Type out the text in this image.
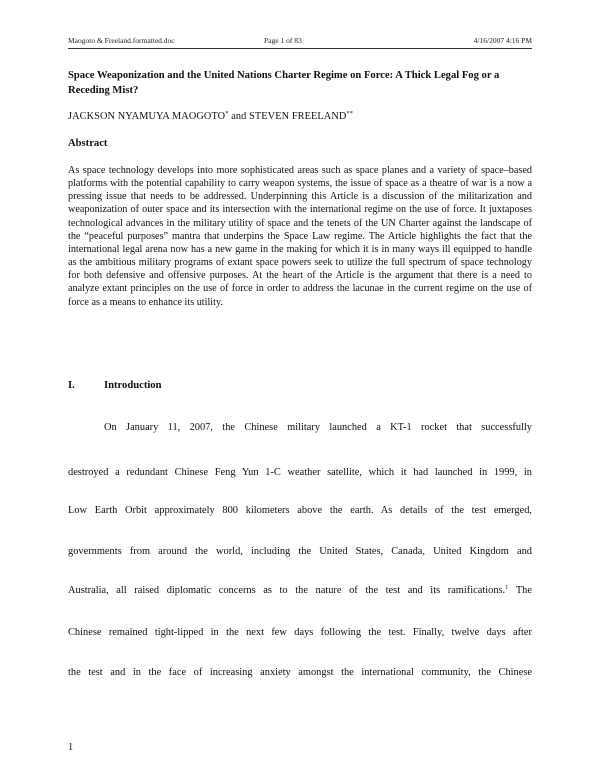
Maogoto & Freeland.formatted.doc	Page 1 of 83	4/16/2007 4:16 PM
Space Weaponization and the United Nations Charter Regime on Force: A Thick Legal Fog or a Receding Mist?
JACKSON NYAMUYA MAOGOTO* and STEVEN FREELAND**
Abstract

As space technology develops into more sophisticated areas such as space planes and a variety of space–based platforms with the potential capability to carry weapon systems, the issue of space as a theatre of war is a now a pressing issue that needs to be addressed. Underpinning this Article is a discussion of the militarization and weaponization of outer space and its intersection with the international regime on the use of force. It juxtaposes technological advances in the military utility of space and the tenets of the UN Charter against the landscape of the “peaceful purposes” mantra that underpins the Space Law regime. The Article highlights the fact that the international legal arena now has a new game in the making for which it is in many ways ill equipped to handle as the ambitious military programs of extant space powers seek to utilize the full spectrum of space technology for both defensive and offensive purposes. At the heart of the Article is the argument that there is a need to analyze extant principles on the use of force in order to address the lacunae in the current regime on the use of force as a means to enhance its utility.

I.	Introduction
On January 11, 2007, the Chinese military launched a KT-1 rocket that successfully
destroyed a redundant Chinese Feng Yun 1-C weather satellite, which it had launched in 1999, in
Low Earth Orbit approximately 800 kilometers above the earth. As details of the test emerged,
governments from around the world, including the United States, Canada, United Kingdom and
Australia, all raised diplomatic concerns as to the nature of the test and its ramifications.$^1$ The
Chinese remained tight-lipped in the next few days following the test. Finally, twelve days after
the test and in the face of increasing anxiety amongst the international community, the Chinese
1
